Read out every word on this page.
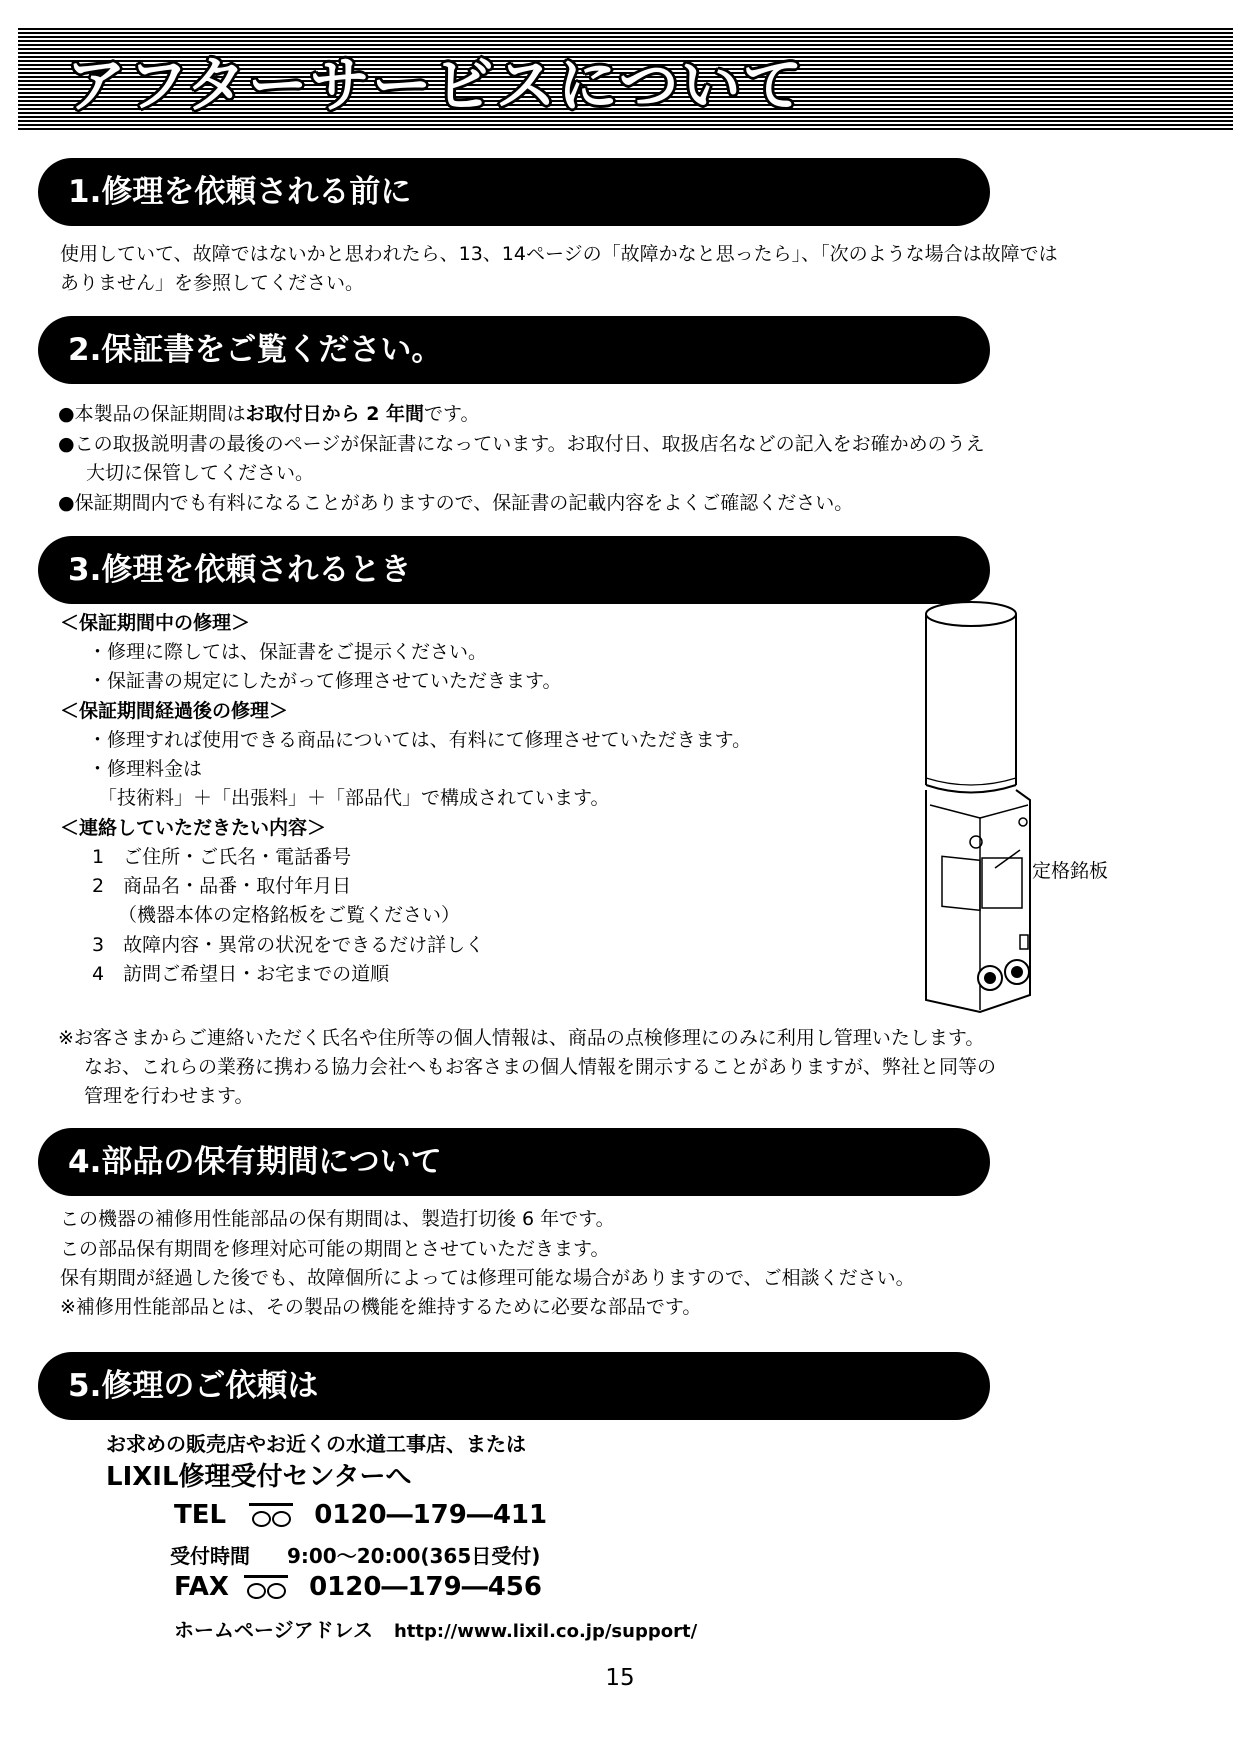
アフターサービスについて
1.修理を依頼される前に
使用していて、故障ではないかと思われたら、13、14ページの「故障かなと思ったら」、「次のような場合は故障では
ありません」を参照してください。
2.保証書をご覧ください。
●本製品の保証期間はお取付日から 2 年間です。
●この取扱説明書の最後のページが保証書になっています。お取付日、取扱店名などの記入をお確かめのうえ
大切に保管してください。
●保証期間内でも有料になることがありますので、保証書の記載内容をよくご確認ください。
3.修理を依頼されるとき
＜保証期間中の修理＞
・修理に際しては、保証書をご提示ください。
・保証書の規定にしたがって修理させていただきます。
＜保証期間経過後の修理＞
・修理すれば使用できる商品については、有料にて修理させていただきます。
・修理料金は
「技術料」＋「出張料」＋「部品代」で構成されています。
＜連絡していただきたい内容＞
1　ご住所・ご氏名・電話番号
2　商品名・品番・取付年月日
（機器本体の定格銘板をご覧ください）
3　故障内容・異常の状況をできるだけ詳しく
4　訪問ご希望日・お宅までの道順
定格銘板
※お客さまからご連絡いただく氏名や住所等の個人情報は、商品の点検修理にのみに利用し管理いたします。
なお、これらの業務に携わる協力会社へもお客さまの個人情報を開示することがありますが、弊社と同等の
管理を行わせます。
4.部品の保有期間について
この機器の補修用性能部品の保有期間は、製造打切後 6 年です。
この部品保有期間を修理対応可能の期間とさせていただきます。
保有期間が経過した後でも、故障個所によっては修理可能な場合がありますので、ご相談ください。
※補修用性能部品とは、その製品の機能を維持するために必要な部品です。
5.修理のご依頼は
お求めの販売店やお近くの水道工事店、または
LIXIL修理受付センターへ
TEL	0120―179―411
受付時間 9:00～20:00(365日受付)
FAX	0120―179―456
ホームページアドレス http://www.lixil.co.jp/support/
15
